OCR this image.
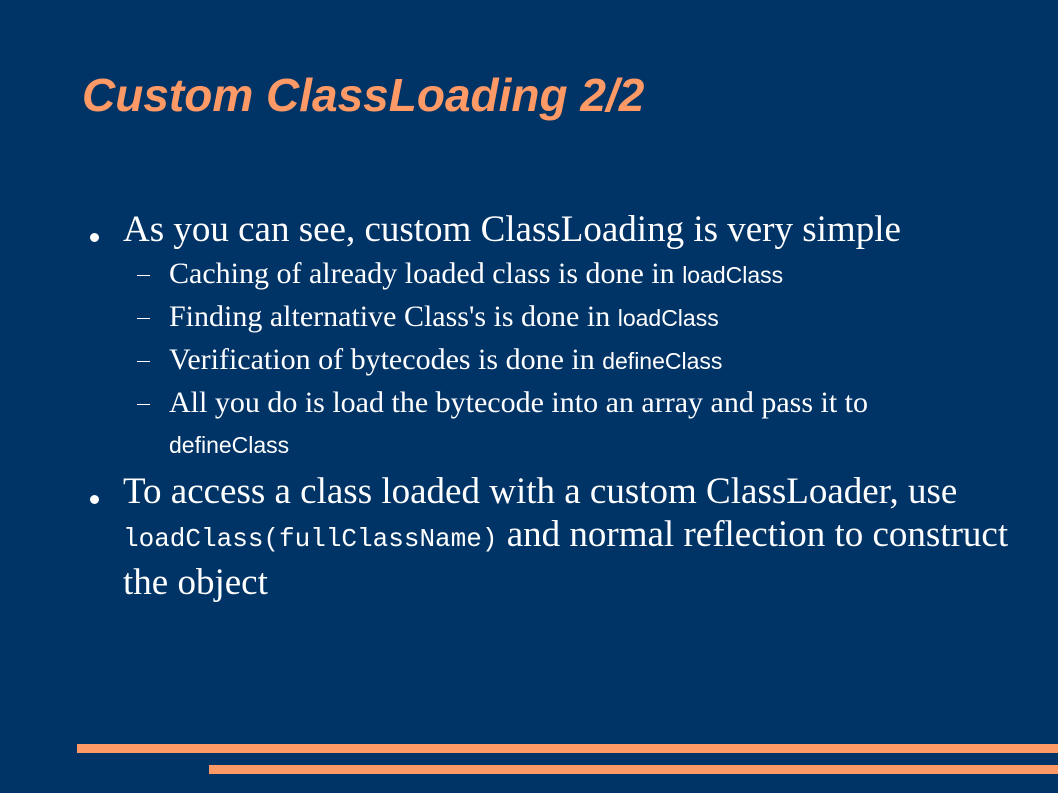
Custom ClassLoading 2/2
As you can see, custom ClassLoading is very simple
Caching of already loaded class is done in loadClass
Finding alternative Class's is done in loadClass
Verification of bytecodes is done in defineClass
All you do is load the bytecode into an array and pass it to defineClass
To access a class loaded with a custom ClassLoader, use loadClass(fullClassName) and normal reflection to construct the object
